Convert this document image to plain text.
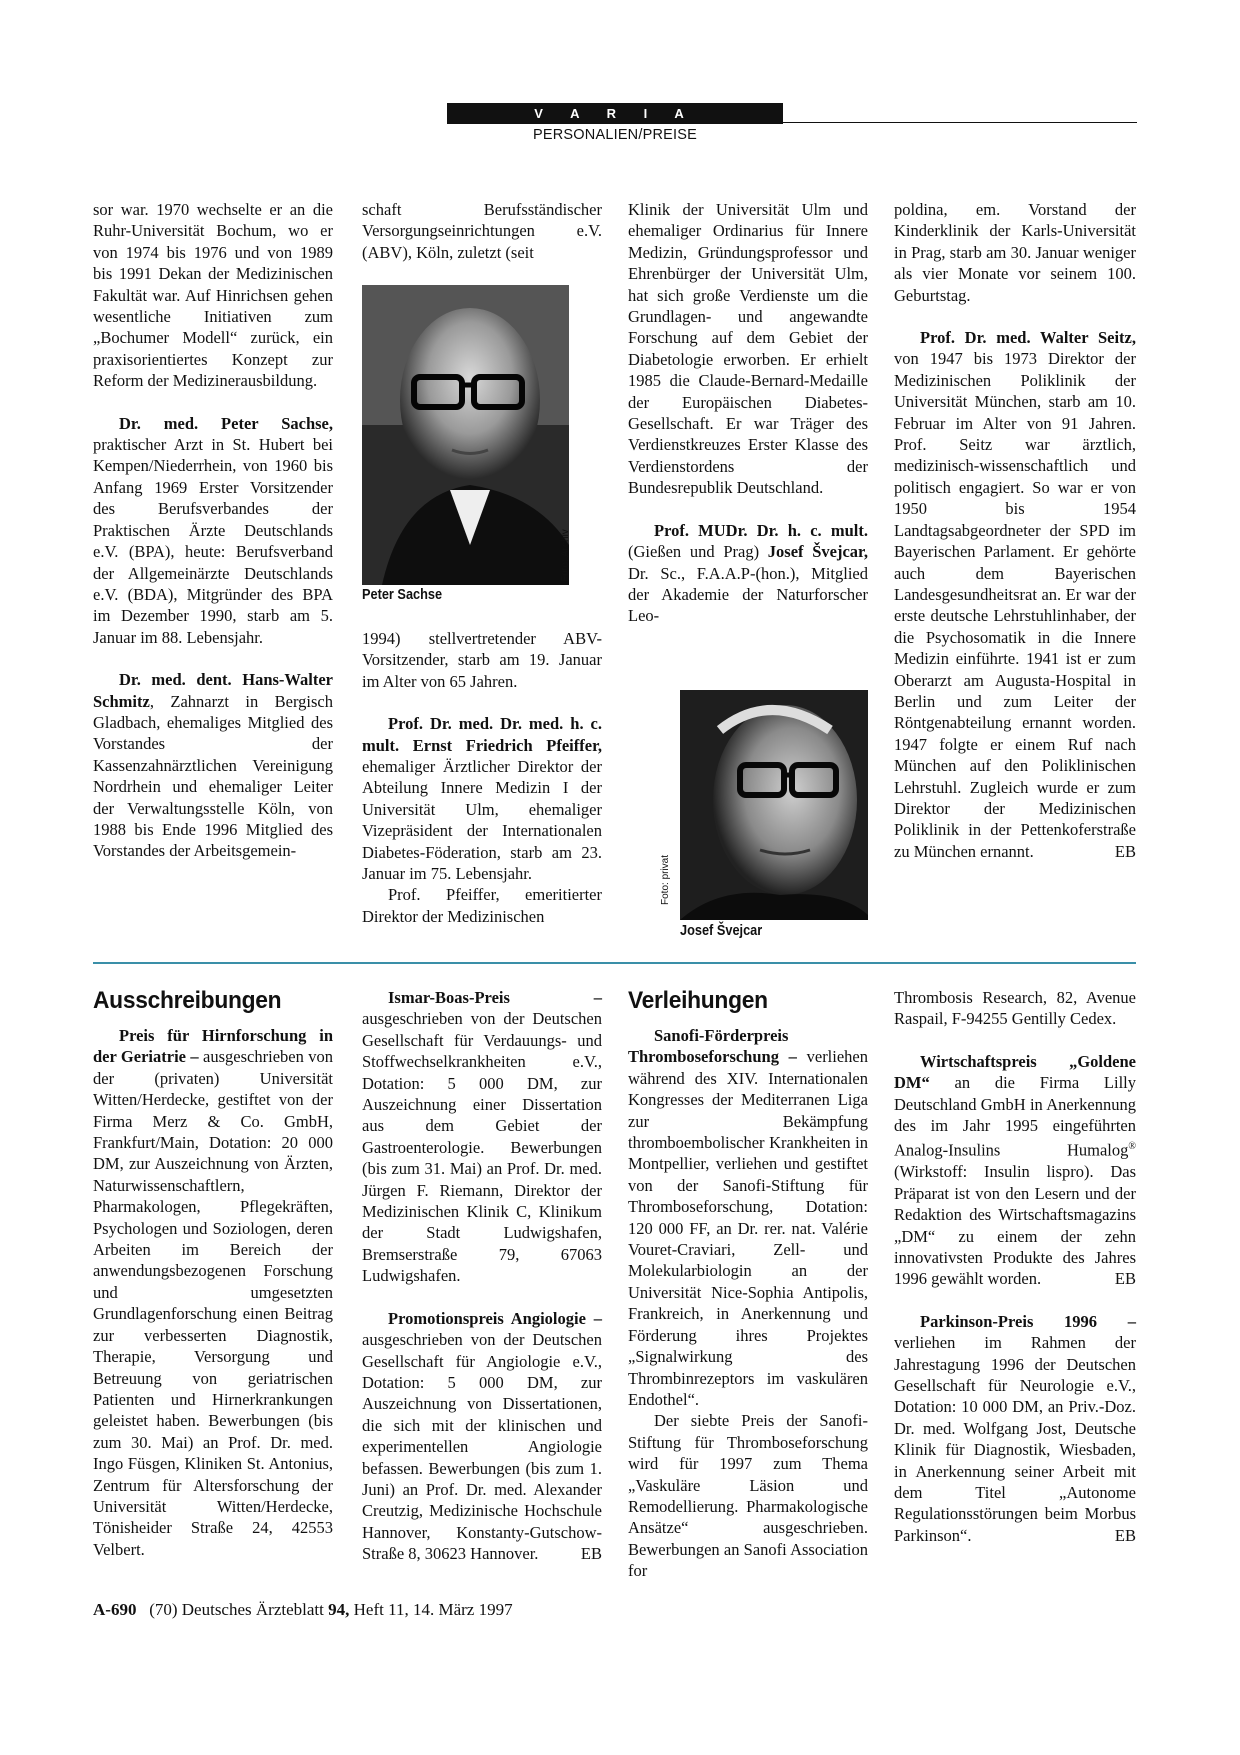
V A R I A
PERSONALIEN/PREISE

sor war. 1970 wechselte er an die Ruhr-Universität Bochum, wo er von 1974 bis 1976 und von 1989 bis 1991 Dekan der Medizinischen Fakultät war. Auf Hinrichsen gehen wesentliche Initiativen zum „Bochumer Modell“ zurück, ein praxisorientiertes Konzept zur Reform der Medizinerausbildung.

Dr. med. Peter Sachse, praktischer Arzt in St. Hubert bei Kempen/Niederrhein, von 1960 bis Anfang 1969 Erster Vorsitzender des Berufsverbandes der Praktischen Ärzte Deutschlands e.V. (BPA), heute: Berufsverband der Allgemeinärzte Deutschlands e.V. (BDA), Mitgründer des BPA im Dezember 1990, starb am 5. Januar im 88. Lebensjahr.

Dr. med. dent. Hans-Walter Schmitz, Zahnarzt in Bergisch Gladbach, ehemaliges Mitglied des Vorstandes der Kassenzahnärztlichen Vereinigung Nordrhein und ehemaliger Leiter der Verwaltungsstelle Köln, von 1988 bis Ende 1996 Mitglied des Vorstandes der Arbeitsgemein-

schaft Berufsständischer Versorgungseinrichtungen e.V. (ABV), Köln, zuletzt (seit

Foto: Archiv
Peter Sachse

1994) stellvertretender ABV-Vorsitzender, starb am 19. Januar im Alter von 65 Jahren.

Prof. Dr. med. Dr. med. h. c. mult. Ernst Friedrich Pfeiffer, ehemaliger Ärztlicher Direktor der Abteilung Innere Medizin I der Universität Ulm, ehemaliger Vizepräsident der Internationalen Diabetes-Föderation, starb am 23. Januar im 75. Lebensjahr.

Prof. Pfeiffer, emeritierter Direktor der Medizinischen

Klinik der Universität Ulm und ehemaliger Ordinarius für Innere Medizin, Gründungsprofessor und Ehrenbürger der Universität Ulm, hat sich große Verdienste um die Grundlagen- und angewandte Forschung auf dem Gebiet der Diabetologie erworben. Er erhielt 1985 die Claude-Bernard-Medaille der Europäischen Diabetes-Gesellschaft. Er war Träger des Verdienstkreuzes Erster Klasse des Verdienstordens der Bundesrepublik Deutschland.

Prof. MUDr. Dr. h. c. mult. (Gießen und Prag) Josef Švejcar, Dr. Sc., F.A.A.P-(hon.), Mitglied der Akademie der Naturforscher Leo-

Foto: privat
Josef Švejcar

poldina, em. Vorstand der Kinderklinik der Karls-Universität in Prag, starb am 30. Januar weniger als vier Monate vor seinem 100. Geburtstag.

Prof. Dr. med. Walter Seitz, von 1947 bis 1973 Direktor der Medizinischen Poliklinik der Universität München, starb am 10. Februar im Alter von 91 Jahren. Prof. Seitz war ärztlich, medizinisch-wissenschaftlich und politisch engagiert. So war er von 1950 bis 1954 Landtagsabgeordneter der SPD im Bayerischen Parlament. Er gehörte auch dem Bayerischen Landesgesundheitsrat an. Er war der erste deutsche Lehrstuhlinhaber, der die Psychosomatik in die Innere Medizin einführte. 1941 ist er zum Oberarzt am Augusta-Hospital in Berlin und zum Leiter der Röntgenabteilung ernannt worden. 1947 folgte er einem Ruf nach München auf den Poliklinischen Lehrstuhl. Zugleich wurde er zum Direktor der Medizinischen Poliklinik in der Pettenkoferstraße zu München ernannt.	EB

Ausschreibungen

Preis für Hirnforschung in der Geriatrie – ausgeschrieben von der (privaten) Universität Witten/Herdecke, gestiftet von der Firma Merz & Co. GmbH, Frankfurt/Main, Dotation: 20 000 DM, zur Auszeichnung von Ärzten, Naturwissenschaftlern, Pharmakologen, Pflegekräften, Psychologen und Soziologen, deren Arbeiten im Bereich der anwendungsbezogenen Forschung und umgesetzten Grundlagenforschung einen Beitrag zur verbesserten Diagnostik, Therapie, Versorgung und Betreuung von geriatrischen Patienten und Hirnerkrankungen geleistet haben. Bewerbungen (bis zum 30. Mai) an Prof. Dr. med. Ingo Füsgen, Kliniken St. Antonius, Zentrum für Altersforschung der Universität Witten/Herdecke, Tönisheider Straße 24, 42553 Velbert.

Ismar-Boas-Preis – ausgeschrieben von der Deutschen Gesellschaft für Verdauungs- und Stoffwechselkrankheiten e.V., Dotation: 5 000 DM, zur Auszeichnung einer Dissertation aus dem Gebiet der Gastroenterologie. Bewerbungen (bis zum 31. Mai) an Prof. Dr. med. Jürgen F. Riemann, Direktor der Medizinischen Klinik C, Klinikum der Stadt Ludwigshafen, Bremserstraße 79, 67063 Ludwigshafen.

Promotionspreis Angiologie – ausgeschrieben von der Deutschen Gesellschaft für Angiologie e.V., Dotation: 5 000 DM, zur Auszeichnung von Dissertationen, die sich mit der klinischen und experimentellen Angiologie befassen. Bewerbungen (bis zum 1. Juni) an Prof. Dr. med. Alexander Creutzig, Medizinische Hochschule Hannover, Konstanty-Gutschow-Straße 8, 30623 Hannover.	EB

Verleihungen

Sanofi-Förderpreis Thromboseforschung – verliehen während des XIV. Internationalen Kongresses der Mediterranen Liga zur Bekämpfung thromboembolischer Krankheiten in Montpellier, verliehen und gestiftet von der Sanofi-Stiftung für Thromboseforschung, Dotation: 120 000 FF, an Dr. rer. nat. Valérie Vouret-Craviari, Zell- und Molekularbiologin an der Universität Nice-Sophia Antipolis, Frankreich, in Anerkennung und Förderung ihres Projektes „Signalwirkung des Thrombinrezeptors im vaskulären Endothel“.

Der siebte Preis der Sanofi-Stiftung für Thromboseforschung wird für 1997 zum Thema „Vaskuläre Läsion und Remodellierung. Pharmakologische Ansätze“ ausgeschrieben. Bewerbungen an Sanofi Association for

Thrombosis Research, 82, Avenue Raspail, F-94255 Gentilly Cedex.

Wirtschaftspreis „Goldene DM“ an die Firma Lilly Deutschland GmbH in Anerkennung des im Jahr 1995 eingeführten Analog-Insulins Humalog® (Wirkstoff: Insulin lispro). Das Präparat ist von den Lesern und der Redaktion des Wirtschaftsmagazins „DM“ zu einem der zehn innovativsten Produkte des Jahres 1996 gewählt worden.	EB

Parkinson-Preis 1996 – verliehen im Rahmen der Jahrestagung 1996 der Deutschen Gesellschaft für Neurologie e.V., Dotation: 10 000 DM, an Priv.-Doz. Dr. med. Wolfgang Jost, Deutsche Klinik für Diagnostik, Wiesbaden, in Anerkennung seiner Arbeit mit dem Titel „Autonome Regulationsstörungen beim Morbus Parkinson“.	EB

A-690 (70) Deutsches Ärzteblatt 94, Heft 11, 14. März 1997
